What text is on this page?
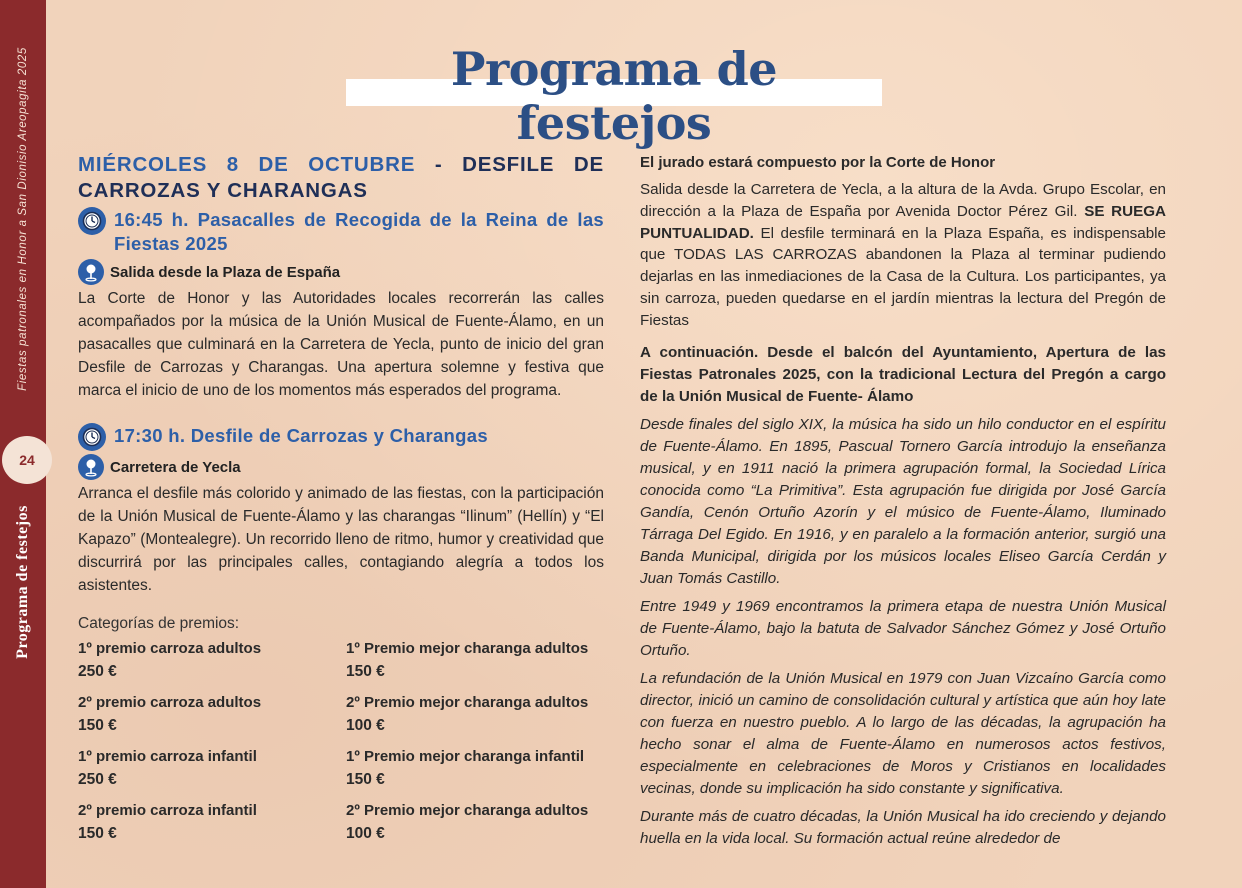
Fiestas patronales en Honor a San Dionisio Areopagita 2025
Programa de festejos
24
Programa de festejos

MIÉRCOLES 8 DE OCTUBRE - DESFILE DE CARROZAS Y CHARANGAS

16:45 h. Pasacalles de Recogida de la Reina de las Fiestas 2025
Salida desde la Plaza de España

La Corte de Honor y las Autoridades locales recorrerán las calles acompañados por la música de la Unión Musical de Fuente-Álamo, en un pasacalles que culminará en la Carretera de Yecla, punto de inicio del gran Desfile de Carrozas y Charangas. Una apertura solemne y festiva que marca el inicio de uno de los momentos más esperados del programa.

17:30 h. Desfile de Carrozas y Charangas
Carretera de Yecla

Arranca el desfile más colorido y animado de las fiestas, con la participación de la Unión Musical de Fuente-Álamo y las charangas “Ilinum” (Hellín) y “El Kapazo” (Montealegre). Un recorrido lleno de ritmo, humor y creatividad que discurrirá por las principales calles, contagiando alegría a todos los asistentes.

Categorías de premios:

1º premio carroza adultos
250 €
1º Premio mejor charanga adultos
150 €
2º premio carroza adultos
150 €
2º Premio mejor charanga adultos
100 €
1º premio carroza infantil
250 €
1º Premio mejor charanga infantil
150 €
2º premio carroza infantil
150 €
2º Premio mejor charanga adultos
100 €

El jurado estará compuesto por la Corte de Honor

Salida desde la Carretera de Yecla, a la altura de la Avda. Grupo Escolar, en dirección a la Plaza de España por Avenida Doctor Pérez Gil. SE RUEGA PUNTUALIDAD. El desfile terminará en la Plaza España, es indispensable que TODAS LAS CARROZAS abandonen la Plaza al terminar pudiendo dejarlas en las inmediaciones de la Casa de la Cultura. Los participantes, ya sin carroza, pueden quedarse en el jardín mientras la lectura del Pregón de Fiestas

A continuación. Desde el balcón del Ayuntamiento, Apertura de las Fiestas Patronales 2025, con la tradicional Lectura del Pregón a cargo de la Unión Musical de Fuente- Álamo

Desde finales del siglo XIX, la música ha sido un hilo conductor en el espíritu de Fuente-Álamo. En 1895, Pascual Tornero García introdujo la enseñanza musical, y en 1911 nació la primera agrupación formal, la Sociedad Lírica conocida como “La Primitiva”. Esta agrupación fue dirigida por José García Gandía, Cenón Ortuño Azorín y el músico de Fuente-Álamo, Iluminado Tárraga Del Egido. En 1916, y en paralelo a la formación anterior, surgió una Banda Municipal, dirigida por los músicos locales Eliseo García Cerdán y Juan Tomás Castillo.

Entre 1949 y 1969 encontramos la primera etapa de nuestra Unión Musical de Fuente-Álamo, bajo la batuta de Salvador Sánchez Gómez y José Ortuño Ortuño.

La refundación de la Unión Musical en 1979 con Juan Vizcaíno García como director, inició un camino de consolidación cultural y artística que aún hoy late con fuerza en nuestro pueblo. A lo largo de las décadas, la agrupación ha hecho sonar el alma de Fuente-Álamo en numerosos actos festivos, especialmente en celebraciones de Moros y Cristianos en localidades vecinas, donde su implicación ha sido constante y significativa.

Durante más de cuatro décadas, la Unión Musical ha ido creciendo y dejando huella en la vida local. Su formación actual reúne alrededor de
